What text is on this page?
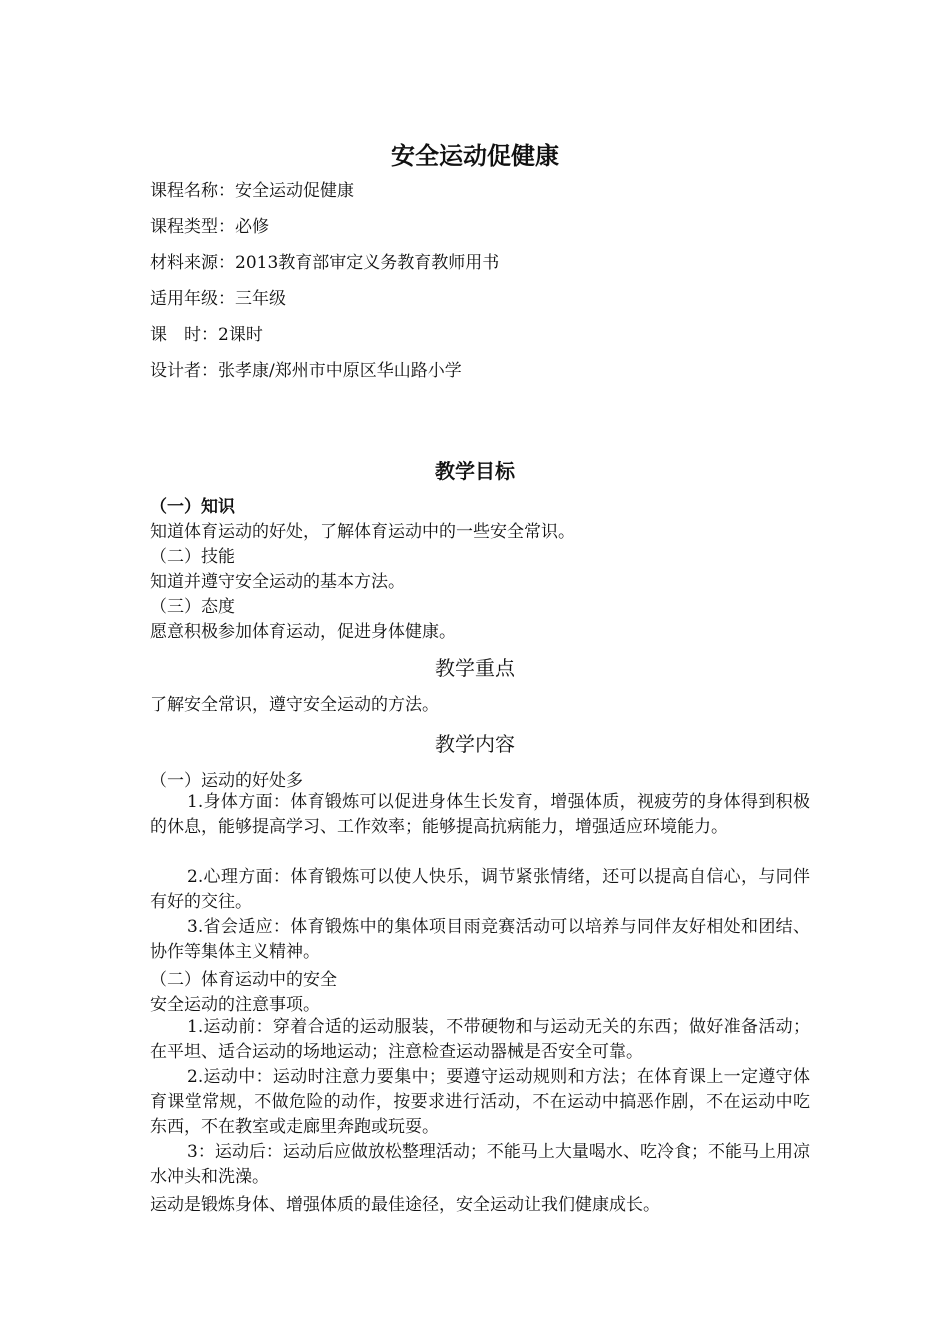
安全运动促健康
课程名称：安全运动促健康
课程类型：必修
材料来源：2013教育部审定义务教育教师用书
适用年级：三年级
课　时：2课时
设计者：张孝康/郑州市中原区华山路小学
教学目标
（一）知识
知道体育运动的好处，了解体育运动中的一些安全常识。
（二）技能
知道并遵守安全运动的基本方法。
（三）态度
愿意积极参加体育运动，促进身体健康。
教学重点
了解安全常识，遵守安全运动的方法。
教学内容
（一）运动的好处多
1.身体方面：体育锻炼可以促进身体生长发育，增强体质，视疲劳的身体得到积极的休息，能够提高学习、工作效率；能够提高抗病能力，增强适应环境能力。
2.心理方面：体育锻炼可以使人快乐，调节紧张情绪，还可以提高自信心，与同伴有好的交往。
3.省会适应：体育锻炼中的集体项目雨竞赛活动可以培养与同伴友好相处和团结、协作等集体主义精神。
（二）体育运动中的安全
安全运动的注意事项。
1.运动前：穿着合适的运动服装，不带硬物和与运动无关的东西；做好准备活动；在平坦、适合运动的场地运动；注意检查运动器械是否安全可靠。
2.运动中：运动时注意力要集中；要遵守运动规则和方法；在体育课上一定遵守体育课堂常规，不做危险的动作，按要求进行活动，不在运动中搞恶作剧，不在运动中吃东西，不在教室或走廊里奔跑或玩耍。
3：运动后：运动后应做放松整理活动；不能马上大量喝水、吃冷食；不能马上用凉水冲头和洗澡。
运动是锻炼身体、增强体质的最佳途径，安全运动让我们健康成长。
